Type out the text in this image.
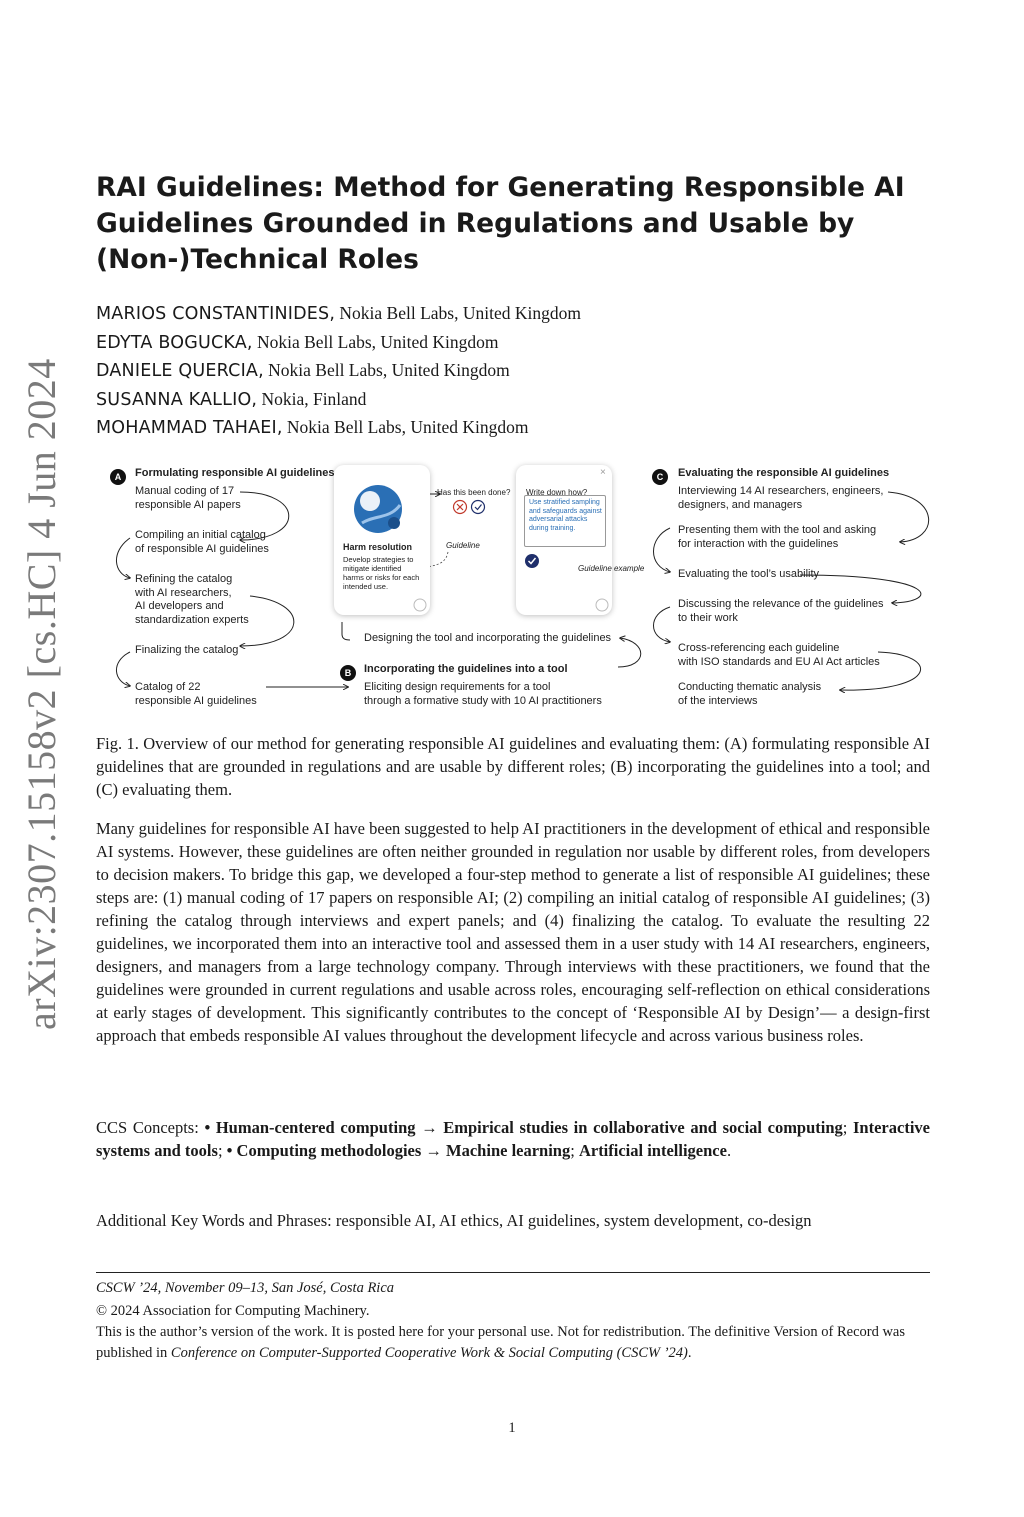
arXiv:2307.15158v2 [cs.HC] 4 Jun 2024
RAI Guidelines: Method for Generating Responsible AI Guidelines Grounded in Regulations and Usable by (Non-)Technical Roles
MARIOS CONSTANTINIDES, Nokia Bell Labs, United Kingdom
EDYTA BOGUCKA, Nokia Bell Labs, United Kingdom
DANIELE QUERCIA, Nokia Bell Labs, United Kingdom
SUSANNA KALLIO, Nokia, Finland
MOHAMMAD TAHAEI, Nokia Bell Labs, United Kingdom
A	Formulating responsible AI guidelines
Manual coding of 17
responsible AI papers
Compiling an initial catalog
of responsible AI guidelines
Refining the catalog
with AI researchers,
AI developers and
standardization experts
Finalizing the catalog
Catalog of 22
responsible AI guidelines
Harm resolution
Develop strategies to
mitigate identified
harms or risks for each
intended use.
Has this been done?
Guideline
×
Use stratified sampling
and safeguards against
adversarial attacks
during training.
Write down how?
Guideline example
Designing the tool and incorporating the guidelines
B	Incorporating the guidelines into a tool
Eliciting design requirements for a tool
through a formative study with 10 AI practitioners
C	Evaluating the responsible AI guidelines
Interviewing 14 AI researchers, engineers,
designers, and managers
Presenting them with the tool and asking
for interaction with the guidelines
Evaluating the tool’s usability
Discussing the relevance of the guidelines
to their work
Cross-referencing each guideline
with ISO standards and EU AI Act articles
Conducting thematic analysis
of the interviews

Fig. 1. Overview of our method for generating responsible AI guidelines and evaluating them: (A) formulating responsible AI guidelines that are grounded in regulations and are usable by different roles; (B) incorporating the guidelines into a tool; and (C) evaluating them.

Many guidelines for responsible AI have been suggested to help AI practitioners in the development of ethical and responsible AI systems. However, these guidelines are often neither grounded in regulation nor usable by different roles, from developers to decision makers. To bridge this gap, we developed a four-step method to generate a list of responsible AI guidelines; these steps are: (1) manual coding of 17 papers on responsible AI; (2) compiling an initial catalog of responsible AI guidelines; (3) refining the catalog through interviews and expert panels; and (4) finalizing the catalog. To evaluate the resulting 22 guidelines, we incorporated them into an interactive tool and assessed them in a user study with 14 AI researchers, engineers, designers, and managers from a large technology company. Through interviews with these practitioners, we found that the guidelines were grounded in current regulations and usable across roles, encouraging self-reflection on ethical considerations at early stages of development. This significantly contributes to the concept of ‘Responsible AI by Design’— a design-first approach that embeds responsible AI values throughout the development lifecycle and across various business roles.

CCS Concepts: • Human-centered computing → Empirical studies in collaborative and social computing; Interactive systems and tools; • Computing methodologies → Machine learning; Artificial intelligence.

Additional Key Words and Phrases: responsible AI, AI ethics, AI guidelines, system development, co-design

CSCW ’24, November 09–13, San José, Costa Rica

© 2024 Association for Computing Machinery.

This is the author’s version of the work. It is posted here for your personal use. Not for redistribution. The definitive Version of Record was published in Conference on Computer-Supported Cooperative Work & Social Computing (CSCW ’24).

1
